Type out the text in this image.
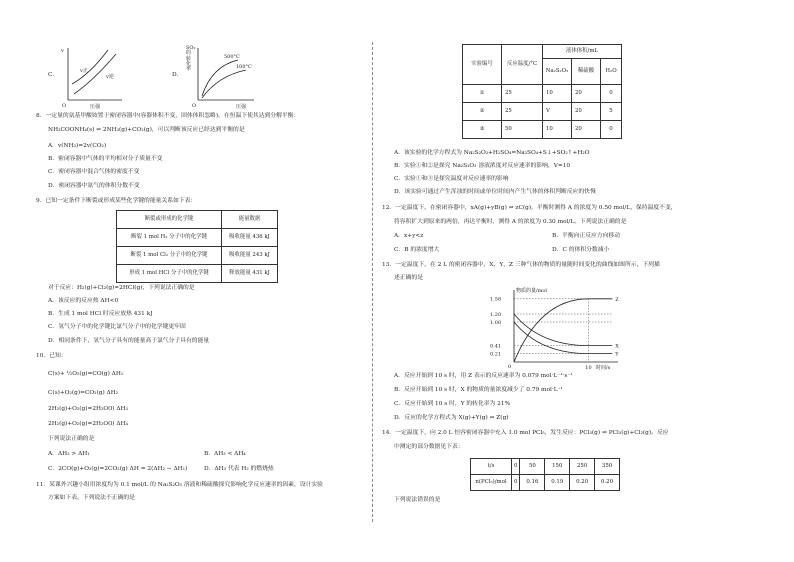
C．
v
v正
v逆
O	压强
D．
SO₂的转化率
500°C
100°C
O	压强
8．一定量的氨基甲酸铵置于密闭容器中(容器体积不变，固体体积忽略)，在恒温下使其达到分解平衡：
NH₂COONH₄(s) ⇌ 2NH₃(g)+CO₂(g)，可以判断该反应已经达到平衡的是
A．v(NH₃)=2v(CO₂)
B．密闭容器中气体的平均相对分子质量不变
C．密闭容器中混合气体的密度不变
D．密闭容器中氨气的体积分数不变
9．已知一定条件下断裂或形成某些化学键的能量关系如下表：
断裂或形成的化学键	能量数据
断裂 1 mol H₂ 分子中的化学键	吸收能量 436 kJ
断裂 1 mol Cl₂ 分子中的化学键	吸收能量 243 kJ
形成 1 mol HCl 分子中的化学键	释放能量 431 kJ
对于反应：H₂(g)+Cl₂(g)=2HCl(g)，下列说法正确的是
A．该反应的反应热 ΔH<0
B．生成 1 mol HCl 时反应放热 431 kJ
C．氢气分子中的化学键比氯气分子中的化学键更牢固
D．相同条件下，氢气分子具有的能量高于氯气分子具有的能量
10．已知：
C(s)+ ½O₂(g)=CO(g) ΔH₁
C(s)+O₂(g)=CO₂(g) ΔH₂
2H₂(g)+O₂(g)=2H₂O(l) ΔH₃
2H₂(g)+O₂(g)=2H₂O(l) ΔH₄
下列说法正确的是
A．ΔH₂ > ΔH₁	B．ΔH₃ < ΔH₄
C．2CO(g)+O₂(g)=2CO₂(g) ΔH = 2(ΔH₂ − ΔH₁)	D．ΔH₃ 代表 H₂ 的燃烧热
11．某课外兴趣小组用浓度均为 0.1 mol/L 的 Na₂S₂O₃ 溶液和稀硫酸探究影响化学反应速率的因素，设计实验
方案如下表。下列说法不正确的是
实验编号	反应温度/°C	液体体积/mL		
		Na₂S₂O₃	稀硫酸	H₂O
①	25	10	20	0
②	25	V	20	5
③	50	10	20	0
A．该实验的化学方程式为 Na₂S₂O₃+H₂SO₄=Na₂SO₄+S↓+SO₂↑+H₂O
B．实验①和②是探究 Na₂S₂O₃ 溶液浓度对反应速率的影响，V=10
C．实验①和③是探究温度对反应速率的影响
D．该实验可通过产生浑浊的时间或单位时间内产生气体的体积判断反应的快慢
12．一定温度下，在密闭容器中，xA(g)+yB(g) ⇌ zC(g)，平衡时测得 A 的浓度为 0.50 mol/L，保持温度不变，
将容积扩大到原来的两倍，再达平衡时，测得 A 的浓度为 0.30 mol/L。下列说法正确的是
A．x+y<z	B．平衡向正反应方向移动
C．B 的浓度增大	D．C 的体积分数减小
13．一定温度下，在 2 L 的密闭容器中，X、Y、Z 三种气体的物质的量随时间变化的曲线如图所示，下列描
述正确的是
物质的量/mol
时间/s
0
1.58
1.20
1.00
0.41
0.21
10
Z
X
Y
A．反应开始到 10 s 时，用 Z 表示的反应速率为 0.079 mol·L⁻¹·s⁻¹
B．反应开始到 10 s 时，X 的物质的量浓度减少了 0.79 mol·L⁻¹
C．反应开始到 10 s 时，Y 的转化率为 21%
D．反应的化学方程式为 X(g)+Y(g) ⇌ Z(g)
14．一定温度下，向 2.0 L 恒容密闭容器中充入 1.0 mol PCl₅，发生反应：PCl₅(g) ⇌ PCl₃(g)+Cl₂(g)。反应
中测定的部分数据见下表：
t/s	0	50	150	250	350
n(PCl₃)/mol	0	0.16	0.19	0.20	0.20
下列说法错误的是
